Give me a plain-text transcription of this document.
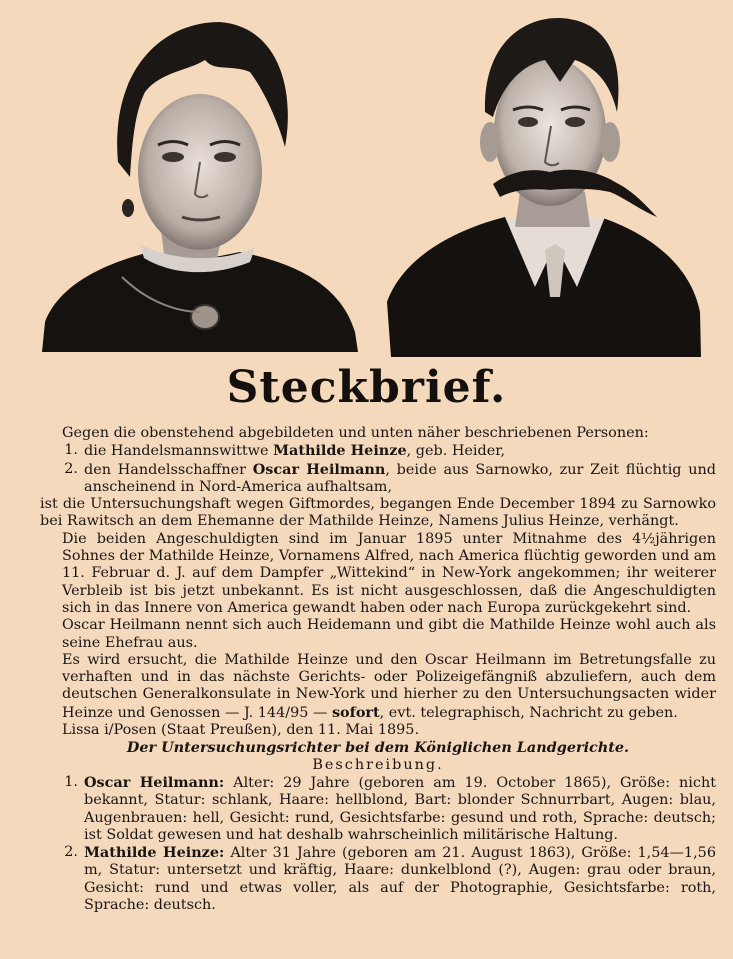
Steckbrief.

Gegen die obenstehend abgebildeten und unten näher beschriebenen Personen:

1. die Handelsmannswittwe Mathilde Heinze, geb. Heider,
2. den Handelsschaffner Oscar Heilmann, beide aus Sarnowko, zur Zeit flüchtig und anscheinend in Nord-America aufhaltsam,

ist die Untersuchungshaft wegen Giftmordes, begangen Ende December 1894 zu Sarnowko bei Rawitsch an dem Ehemanne der Mathilde Heinze, Namens Julius Heinze, verhängt.

Die beiden Angeschuldigten sind im Januar 1895 unter Mitnahme des 4½jährigen Sohnes der Mathilde Heinze, Vornamens Alfred, nach America flüchtig geworden und am 11. Februar d. J. auf dem Dampfer „Wittekind“ in New-York angekommen; ihr weiterer Verbleib ist bis jetzt unbekannt. Es ist nicht ausgeschlossen, daß die Angeschuldigten sich in das Innere von America gewandt haben oder nach Europa zurückgekehrt sind.

Oscar Heilmann nennt sich auch Heidemann und gibt die Mathilde Heinze wohl auch als seine Ehefrau aus.

Es wird ersucht, die Mathilde Heinze und den Oscar Heilmann im Betretungsfalle zu verhaften und in das nächste Gerichts- oder Polizeigefängniß abzuliefern, auch dem deutschen Generalkonsulate in New-York und hierher zu den Untersuchungsacten wider Heinze und Genossen — J. 144/95 — sofort, evt. telegraphisch, Nachricht zu geben.

Lissa i/Posen (Staat Preußen), den 11. Mai 1895.

Der Untersuchungsrichter bei dem Königlichen Landgerichte.

Beschreibung.

1. Oscar Heilmann: Alter: 29 Jahre (geboren am 19. October 1865), Größe: nicht bekannt, Statur: schlank, Haare: hellblond, Bart: blonder Schnurrbart, Augen: blau, Augenbrauen: hell, Gesicht: rund, Gesichtsfarbe: gesund und roth, Sprache: deutsch; ist Soldat gewesen und hat deshalb wahrscheinlich militärische Haltung.
2. Mathilde Heinze: Alter 31 Jahre (geboren am 21. August 1863), Größe: 1,54—1,56 m, Statur: untersetzt und kräftig, Haare: dunkelblond (?), Augen: grau oder braun, Gesicht: rund und etwas voller, als auf der Photographie, Gesichtsfarbe: roth, Sprache: deutsch.
